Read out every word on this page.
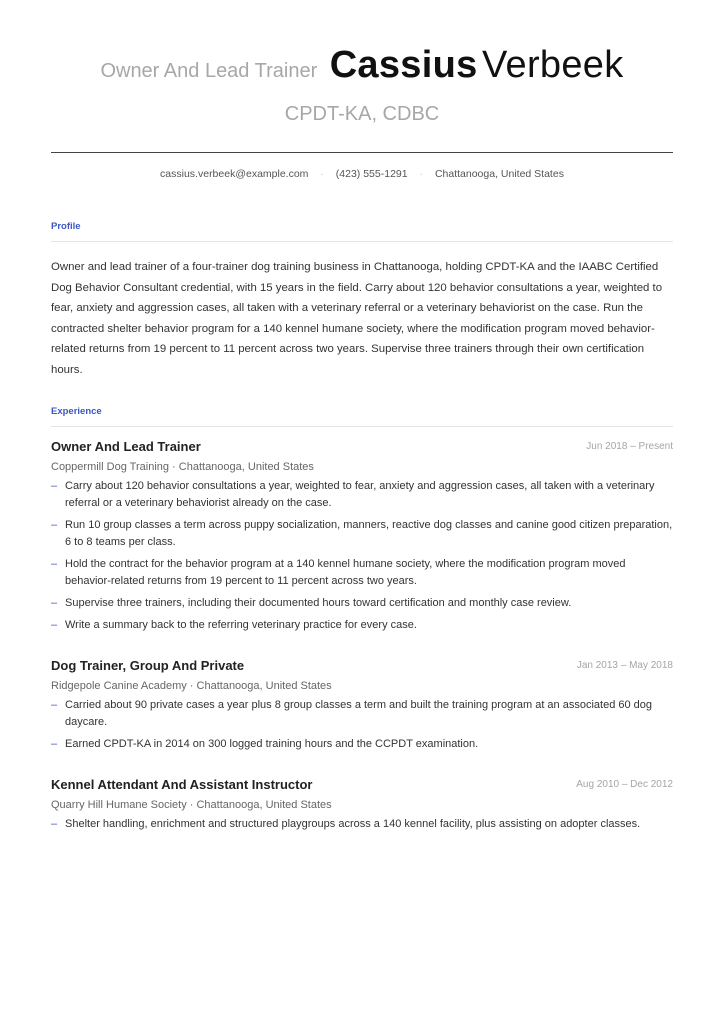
Owner And Lead Trainer Cassius Verbeek
CPDT-KA, CDBC
cassius.verbeek@example.com · (423) 555-1291 · Chattanooga, United States
Profile
Owner and lead trainer of a four-trainer dog training business in Chattanooga, holding CPDT-KA and the IAABC Certified Dog Behavior Consultant credential, with 15 years in the field. Carry about 120 behavior consultations a year, weighted to fear, anxiety and aggression cases, all taken with a veterinary referral or a veterinary behaviorist on the case. Run the contracted shelter behavior program for a 140 kennel humane society, where the modification program moved behavior-related returns from 19 percent to 11 percent across two years. Supervise three trainers through their own certification hours.
Experience
Owner And Lead Trainer	Jun 2018 – Present
Coppermill Dog Training · Chattanooga, United States
– Carry about 120 behavior consultations a year, weighted to fear, anxiety and aggression cases, all taken with a veterinary referral or a veterinary behaviorist already on the case.
– Run 10 group classes a term across puppy socialization, manners, reactive dog classes and canine good citizen preparation, 6 to 8 teams per class.
– Hold the contract for the behavior program at a 140 kennel humane society, where the modification program moved behavior-related returns from 19 percent to 11 percent across two years.
– Supervise three trainers, including their documented hours toward certification and monthly case review.
– Write a summary back to the referring veterinary practice for every case.
Dog Trainer, Group And Private	Jan 2013 – May 2018
Ridgepole Canine Academy · Chattanooga, United States
– Carried about 90 private cases a year plus 8 group classes a term and built the training program at an associated 60 dog daycare.
– Earned CPDT-KA in 2014 on 300 logged training hours and the CCPDT examination.
Kennel Attendant And Assistant Instructor	Aug 2010 – Dec 2012
Quarry Hill Humane Society · Chattanooga, United States
– Shelter handling, enrichment and structured playgroups across a 140 kennel facility, plus assisting on adopter classes.
